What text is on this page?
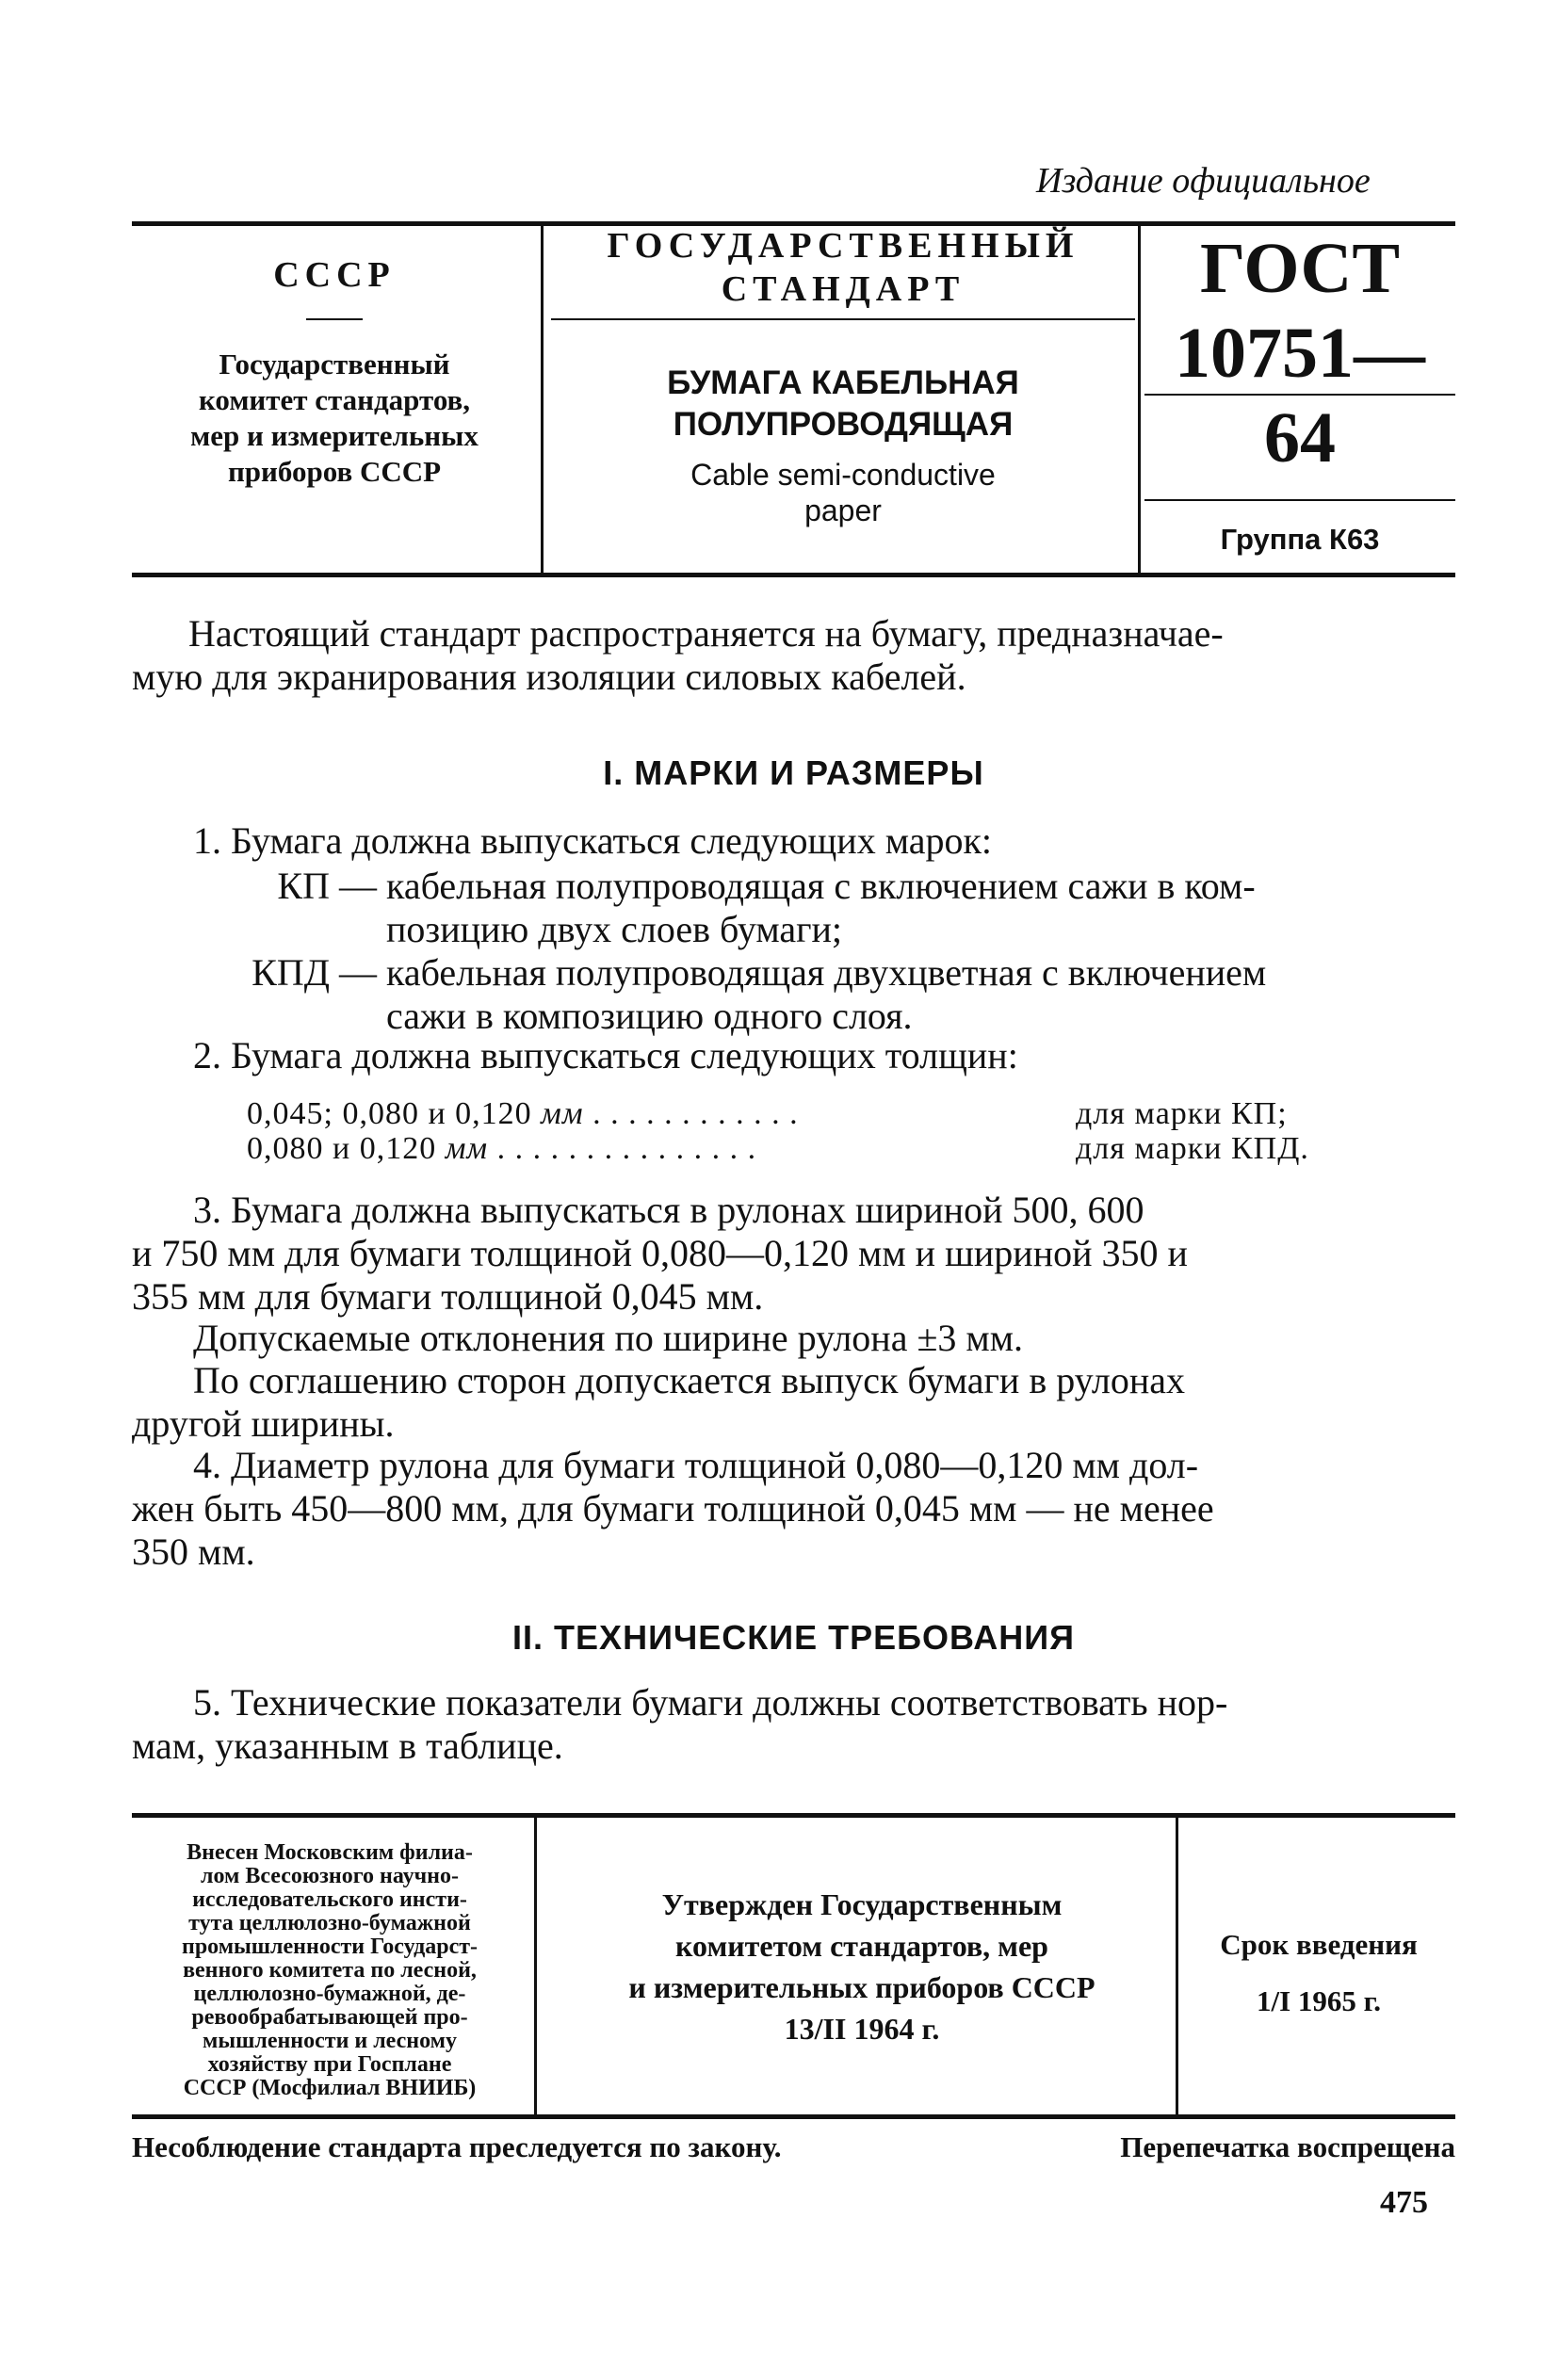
Издание официальное
СССР
Государственный
комитет стандартов,
мер и измерительных
приборов СССР
ГОСУДАРСТВЕННЫЙ
СТАНДАРТ
БУМАГА КАБЕЛЬНАЯ
ПОЛУПРОВОДЯЩАЯ
Cable semi-conductive
paper
ГОСТ
10751—64
Группа К63
Настоящий стандарт распространяется на бумагу, предназначае-
мую для экранирования изоляции силовых кабелей.
I. МАРКИ И РАЗМЕРЫ
1. Бумага должна выпускаться следующих марок:
КП — кабельная полупроводящая с включением сажи в ком-
позицию двух слоев бумаги;
КПД — кабельная полупроводящая двухцветная с включением
сажи в композицию одного слоя.
2. Бумага должна выпускаться следующих толщин:
0,045; 0,080 и 0,120 мм . . . . . . . . . . . .	для марки КП;
0,080 и 0,120 мм . . . . . . . . . . . . . . .	для марки КПД.
3. Бумага должна выпускаться в рулонах шириной 500, 600
и 750 мм для бумаги толщиной 0,080—0,120 мм и шириной 350 и
355 мм для бумаги толщиной 0,045 мм.
Допускаемые отклонения по ширине рулона ±3 мм.
По соглашению сторон допускается выпуск бумаги в рулонах
другой ширины.
4. Диаметр рулона для бумаги толщиной 0,080—0,120 мм дол-
жен быть 450—800 мм, для бумаги толщиной 0,045 мм — не менее
350 мм.
II. ТЕХНИЧЕСКИЕ ТРЕБОВАНИЯ
5. Технические показатели бумаги должны соответствовать нор-
мам, указанным в таблице.
Внесен Московским филиа-
лом Всесоюзного научно-
исследовательского инсти-
тута целлюлозно-бумажной
промышленности Государст-
венного комитета по лесной,
целлюлозно-бумажной, де-
ревообрабатывающей про-
мышленности и лесному
хозяйству при Госплане
СССР (Мосфилиал ВНИИБ)
Утвержден Государственным
комитетом стандартов, мер
и измерительных приборов СССР
13/II 1964 г.
Срок введения
1/I 1965 г.
Несоблюдение стандарта преследуется по закону.	Перепечатка воспрещена
475
